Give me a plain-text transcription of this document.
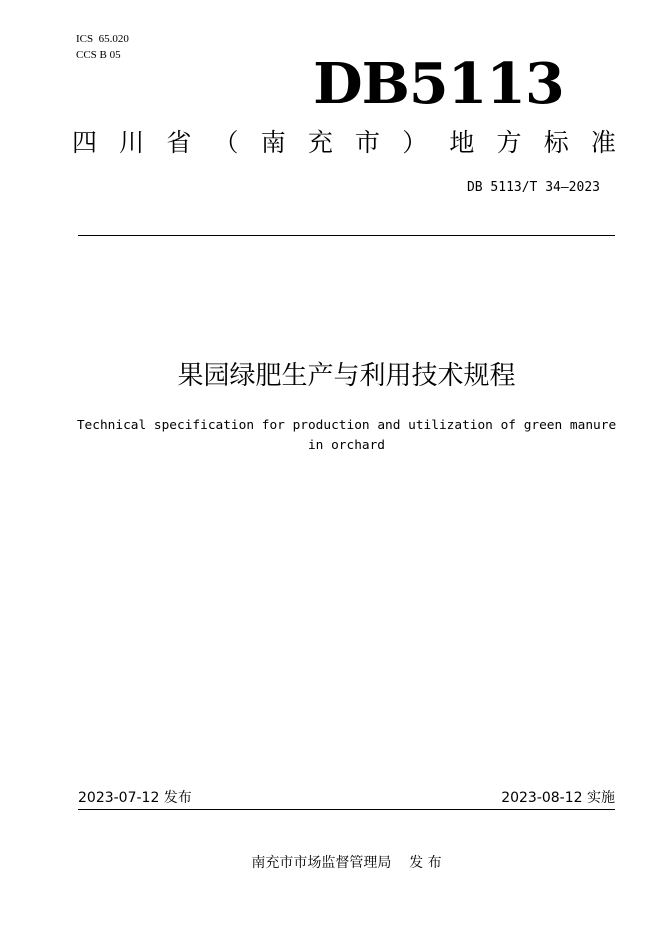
ICS  65.020
CCS B 05	DB5113
四 川 省 （ 南 充 市 ） 地 方 标 准
DB 5113/T 34—2023
果园绿肥生产与利用技术规程
Technical specification for production and utilization of green manure
in orchard
2023-07-12 发布	2023-08-12 实施
南充市市场监督管理局    发 布
